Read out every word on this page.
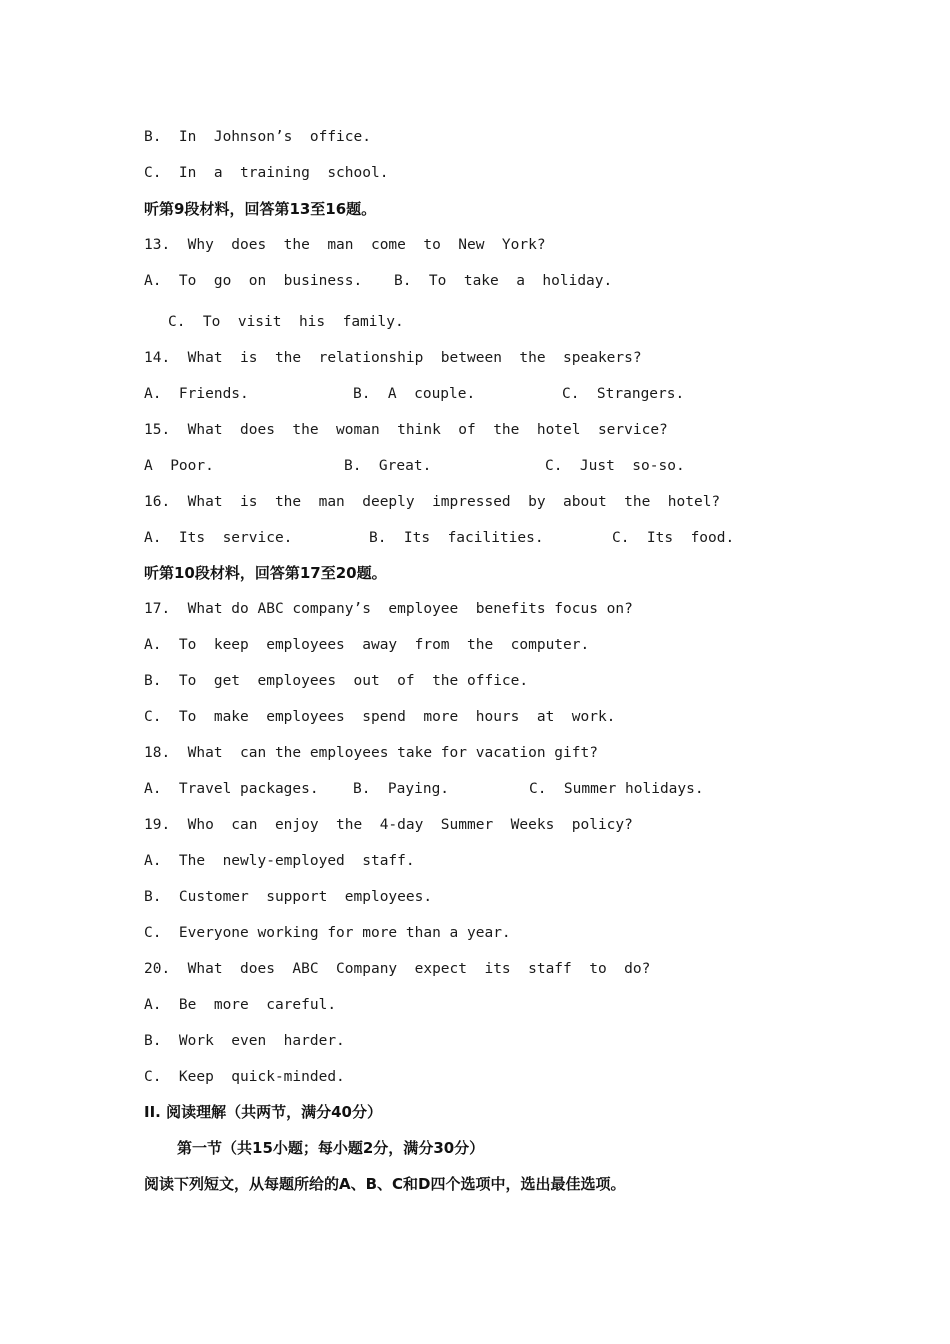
B.  In  Johnson’s  office.
C.  In  a  training  school.
听第9段材料，回答第13至16题。
13.  Why  does  the  man  come  to  New  York?

A.  To  go  on  business.

B.  To  take  a  holiday.

C.  To  visit  his  family.
14.  What  is  the  relationship  between  the  speakers?

A.  Friends.

	B.  A  couple.

	C.  Strangers.

15.  What  does  the  woman  think  of  the  hotel  service?

A  Poor.

	B.  Great.

	C.  Just  so-so.

16.  What  is  the  man  deeply  impressed  by  about  the  hotel?

A.  Its  service.

	B.  Its  facilities.

	C.  Its  food.

听第10段材料，回答第17至20题。
17.  What do ABC company’s  employee  benefits focus on?
A.  To  keep  employees  away  from  the  computer.
B.  To  get  employees  out  of  the office.
C.  To  make  employees  spend  more  hours  at  work.
18.  What  can the employees take for vacation gift?

A.  Travel packages.

B.  Paying.

	C.  Summer holidays.

19.  Who  can  enjoy  the  4-day  Summer  Weeks  policy?
A.  The  newly-employed  staff.
B.  Customer  support  employees.
C.  Everyone working for more than a year.
20.  What  does  ABC  Company  expect  its  staff  to  do?
A.  Be  more  careful.
B.  Work  even  harder.
C.  Keep  quick-minded.
II. 阅读理解（共两节，满分40分）
第一节（共15小题；每小题2分，满分30分）
阅读下列短文，从每题所给的A、B、C和D四个选项中，选出最佳选项。
